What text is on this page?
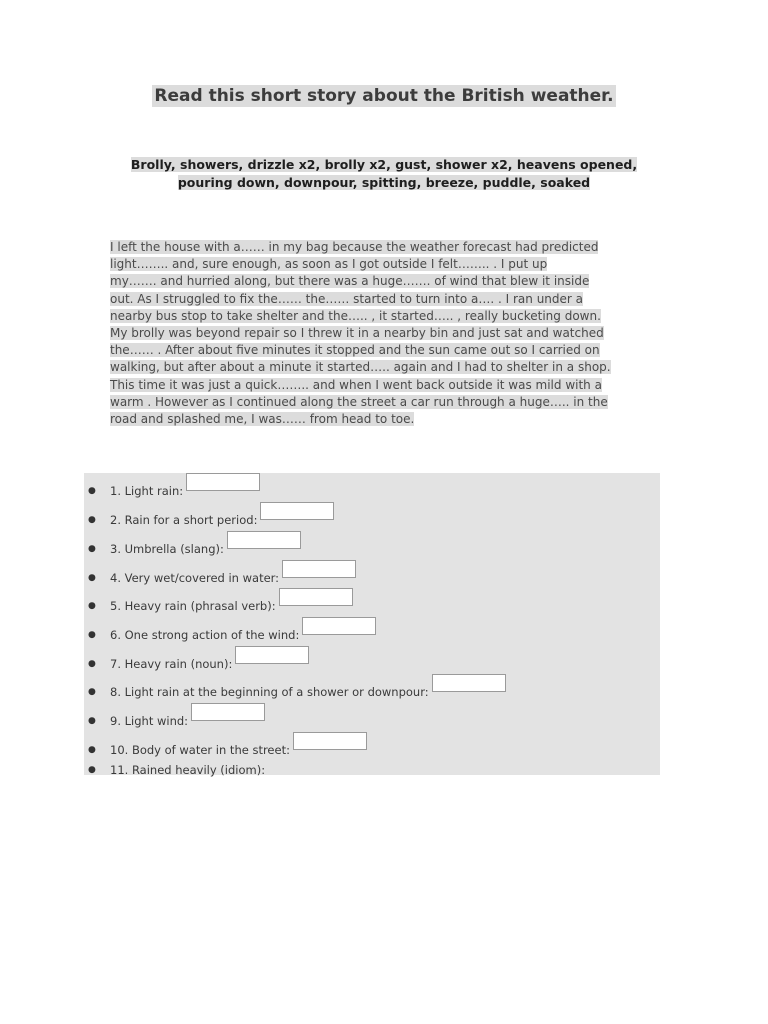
Read this short story about the British weather.
Brolly, showers, drizzle x2, brolly x2, gust, shower x2, heavens opened,
pouring down, downpour, spitting, breeze, puddle, soaked
I left the house with a…… in my bag because the weather forecast had predicted
light…….. and, sure enough, as soon as I got outside I felt…….. . I put up
my……. and hurried along, but there was a huge……. of wind that blew it inside
out. As I struggled to fix the…… the…… started to turn into a…. . I ran under a
nearby bus stop to take shelter and the….. , it started….. , really bucketing down.
My brolly was beyond repair so I threw it in a nearby bin and just sat and watched
the…… . After about five minutes it stopped and the sun came out so I carried on
walking, but after about a minute it started….. again and I had to shelter in a shop.
This time it was just a quick…….. and when I went back outside it was mild with a
warm . However as I continued along the street a car run through a huge….. in the
road and splashed me, I was…… from head to toe.
● 1. Light rain:
● 2. Rain for a short period:
● 3. Umbrella (slang):
● 4. Very wet/covered in water:
● 5. Heavy rain (phrasal verb):
● 6. One strong action of the wind:
● 7. Heavy rain (noun):
● 8. Light rain at the beginning of a shower or downpour:
● 9. Light wind:
● 10. Body of water in the street:
● 11. Rained heavily (idiom):
